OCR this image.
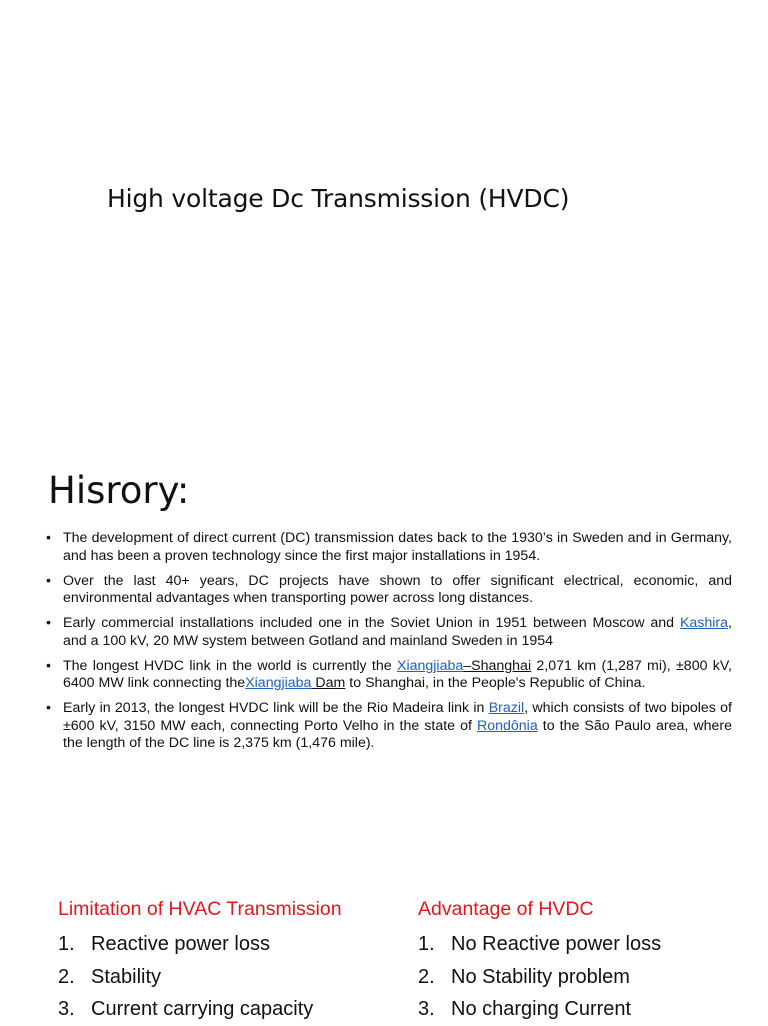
High voltage Dc Transmission (HVDC)
Hisrory:
• The development of direct current (DC) transmission dates back to the 1930’s in Sweden and in Germany, and has been a proven technology since the first major installations in 1954.
• Over the last 40+ years, DC projects have shown to offer significant electrical, economic, and environmental advantages when transporting power across long distances.
• Early commercial installations included one in the Soviet Union in 1951 between Moscow and Kashira, and a 100 kV, 20 MW system between Gotland and mainland Sweden in 1954
• The longest HVDC link in the world is currently the Xiangjiaba–Shanghai 2,071 km (1,287 mi), ±800 kV, 6400 MW link connecting theXiangjiaba Dam to Shanghai, in the People's Republic of China.
• Early in 2013, the longest HVDC link will be the Rio Madeira link in Brazil, which consists of two bipoles of ±600 kV, 3150 MW each, connecting Porto Velho in the state of Rondônia to the São Paulo area, where the length of the DC line is 2,375 km (1,476 mile).
Limitation of HVAC Transmission
1. Reactive power loss
2. Stability
3. Current carrying capacity
Advantage of HVDC
1. No Reactive power loss
2. No Stability problem
3. No charging Current
